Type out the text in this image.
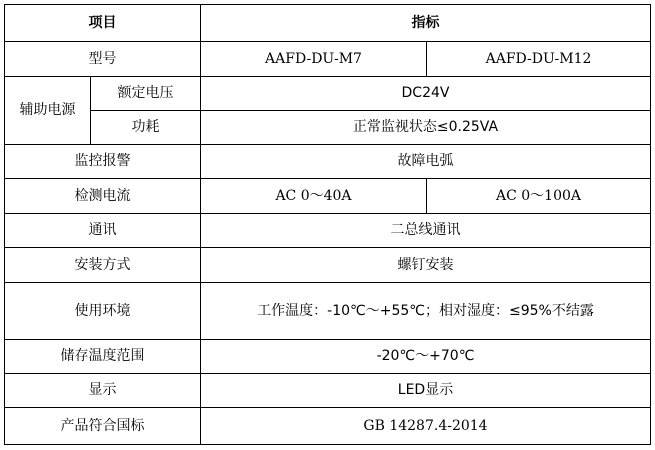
项目		指标	
型号		AAFD-DU-M7	AAFD-DU-M12
辅助电源	额定电压	DC24V	
	功耗	正常监视状态≤0.25VA	
监控报警		故障电弧	
检测电流		AC 0～40A	AC 0～100A
通讯		二总线通讯	
安装方式		螺钉安装	
使用环境		工作温度：-10℃～+55℃；相对湿度：≤95%不结露	
储存温度范围		-20℃～+70℃	
显示		LED显示	
产品符合国标		GB 14287.4-2014	
